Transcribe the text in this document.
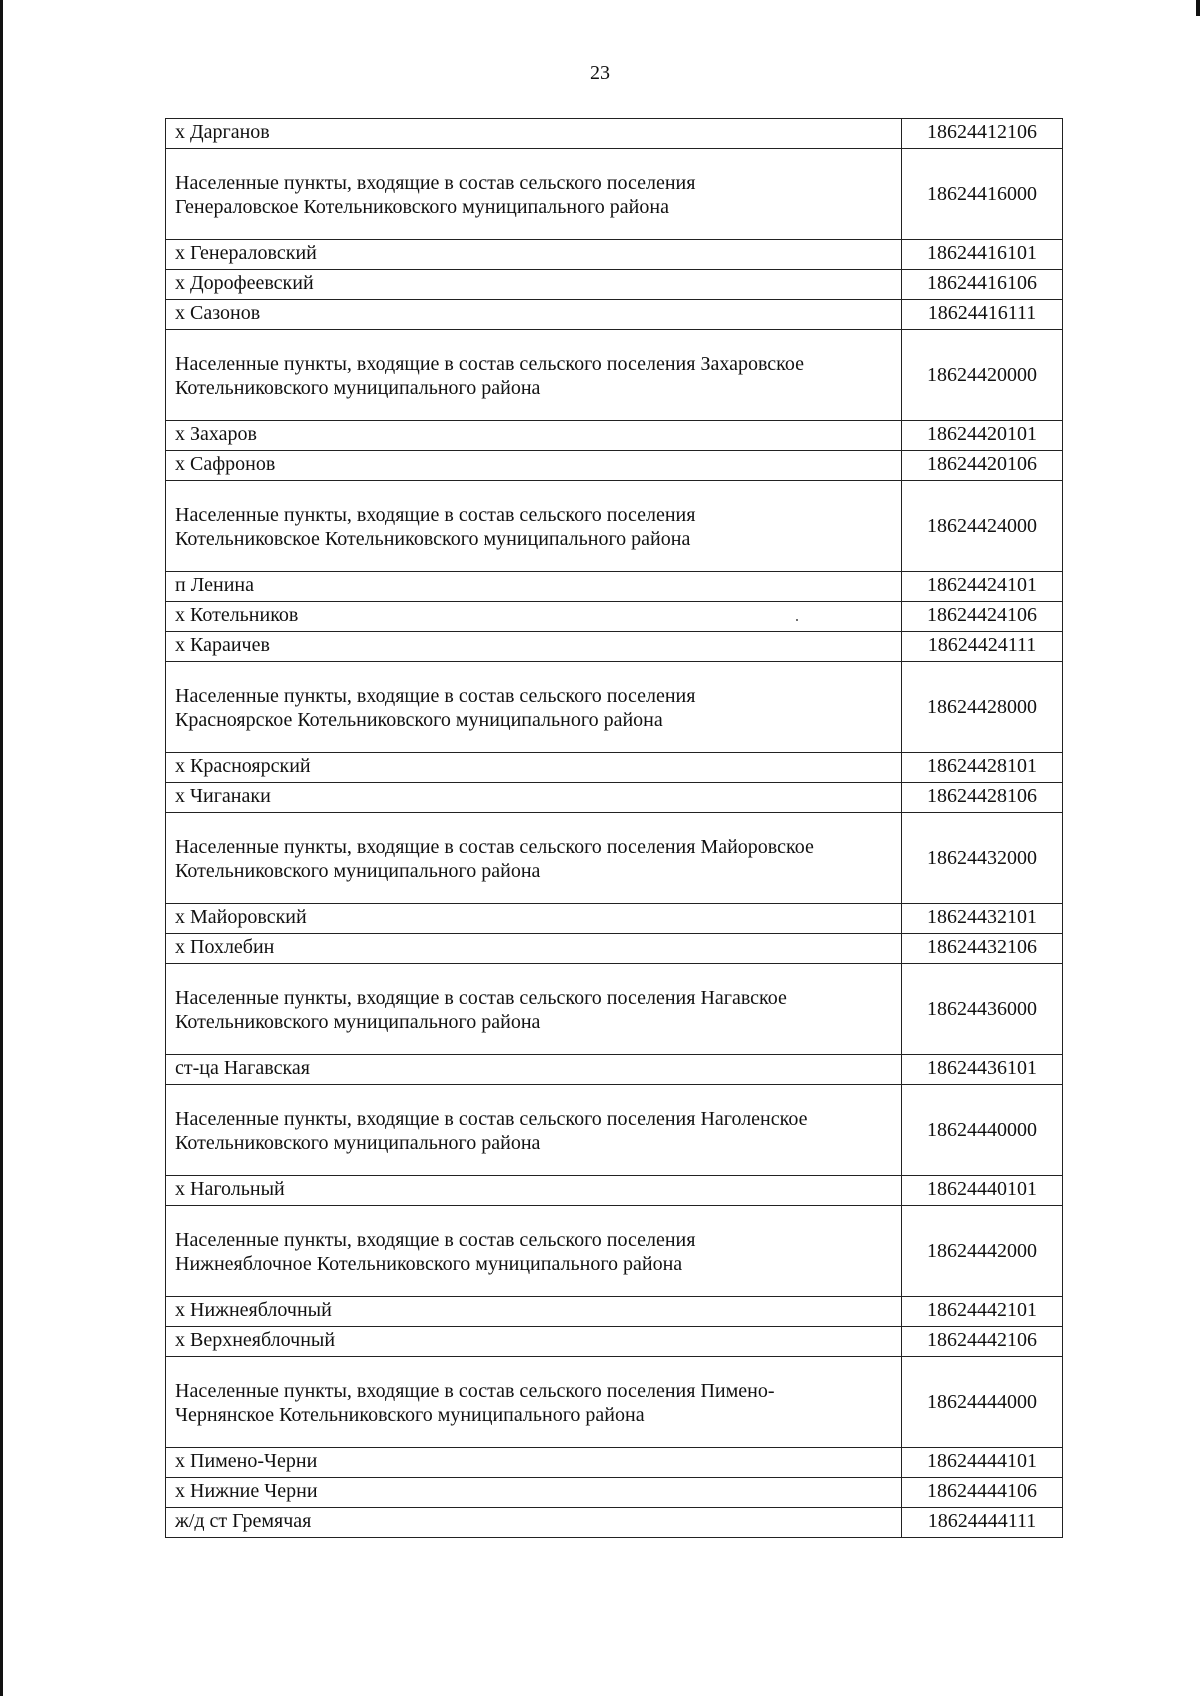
23
х Дарганов	18624412106

Населенные пункты, входящие в состав сельского поселения
Генераловское Котельниковского муниципального района	18624416000
х Генераловский	18624416101
х Дорофеевский	18624416106
х Сазонов	18624416111

Населенные пункты, входящие в состав сельского поселения Захаровское
Котельниковского муниципального района	18624420000
х Захаров	18624420101
х Сафронов	18624420106

Населенные пункты, входящие в состав сельского поселения
Котельниковское Котельниковского муниципального района	18624424000
п Ленина	18624424101
х Котельников	18624424106
х Караичев	18624424111

Населенные пункты, входящие в состав сельского поселения
Красноярское Котельниковского муниципального района	18624428000
х Красноярский	18624428101
х Чиганаки	18624428106

Населенные пункты, входящие в состав сельского поселения Майоровское
Котельниковского муниципального района	18624432000
х Майоровский	18624432101
х Похлебин	18624432106

Населенные пункты, входящие в состав сельского поселения Нагавское
Котельниковского муниципального района	18624436000
ст-ца Нагавская	18624436101

Населенные пункты, входящие в состав сельского поселения Наголенское
Котельниковского муниципального района	18624440000
х Нагольный	18624440101

Населенные пункты, входящие в состав сельского поселения
Нижнеяблочное Котельниковского муниципального района	18624442000
х Нижнеяблочный	18624442101
х Верхнеяблочный	18624442106

Населенные пункты, входящие в состав сельского поселения Пимено-
Чернянское Котельниковского муниципального района	18624444000
х Пимено-Черни	18624444101
х Нижние Черни	18624444106
ж/д ст Гремячая	18624444111
